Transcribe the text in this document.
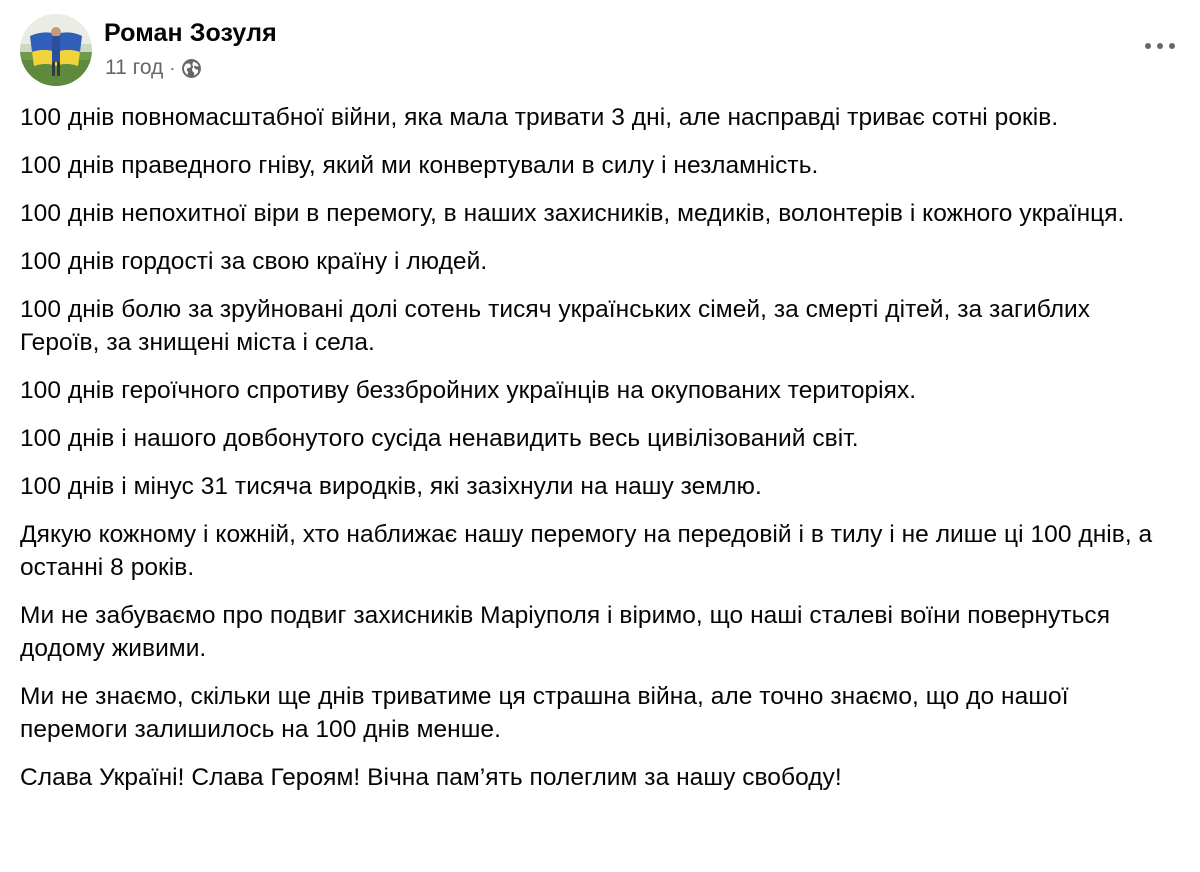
Роман Зозуля
11 год ·

100 днів повномасштабної війни, яка мала тривати 3 дні, але насправді триває сотні років.

100 днів праведного гніву, який ми конвертували в силу і незламність.

100 днів непохитної віри в перемогу, в наших захисників, медиків, волонтерів і кожного українця.

100 днів гордості за свою країну і людей.

100 днів болю за зруйновані долі сотень тисяч українських сімей, за смерті дітей, за загиблих Героїв, за знищені міста і села.

100 днів героїчного спротиву беззбройних українців на окупованих територіях.

100 днів і нашого довбонутого сусіда ненавидить весь цивілізований світ.

100 днів і мінус 31 тисяча виродків, які зазіхнули на нашу землю.

Дякую кожному і кожній, хто наближає нашу перемогу на передовій і в тилу і не лише ці 100 днів, а останні 8 років.

Ми не забуваємо про подвиг захисників Маріуполя і віримо, що наші сталеві воїни повернуться додому живими.

Ми не знаємо, скільки ще днів триватиме ця страшна війна, але точно знаємо, що до нашої перемоги залишилось на 100 днів менше.

Слава Україні! Слава Героям! Вічна пам’ять полеглим за нашу свободу!
